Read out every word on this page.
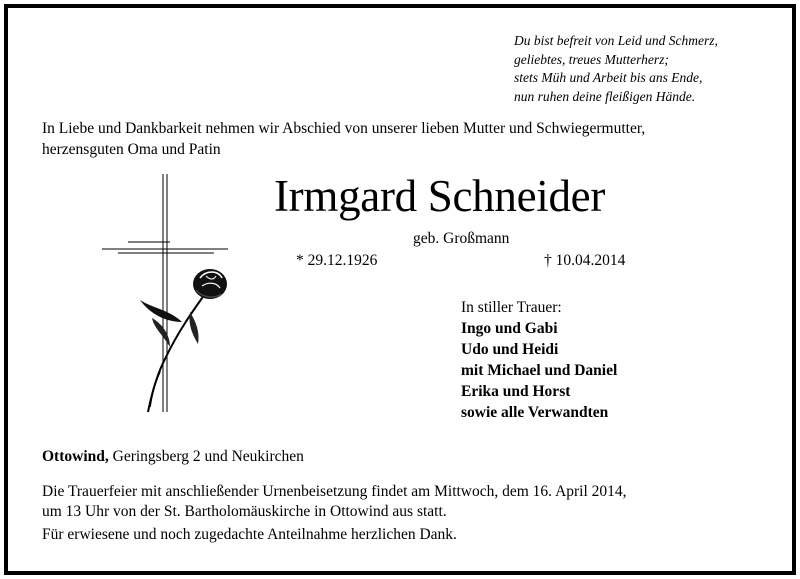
Du bist befreit von Leid und Schmerz,
geliebtes, treues Mutterherz;
stets Müh und Arbeit bis ans Ende,
nun ruhen deine fleißigen Hände.
In Liebe und Dankbarkeit nehmen wir Abschied von unserer lieben Mutter und Schwiegermutter,
herzensguten Oma und Patin
Irmgard Schneider
geb. Großmann
* 29.12.1926	† 10.04.2014
In stiller Trauer:
Ingo und Gabi
Udo und Heidi
mit Michael und Daniel
Erika und Horst
sowie alle Verwandten
Ottowind, Geringsberg 2 und Neukirchen
Die Trauerfeier mit anschließender Urnenbeisetzung findet am Mittwoch, dem 16. April 2014,
um 13 Uhr von der St. Bartholomäuskirche in Ottowind aus statt.
Für erwiesene und noch zugedachte Anteilnahme herzlichen Dank.
